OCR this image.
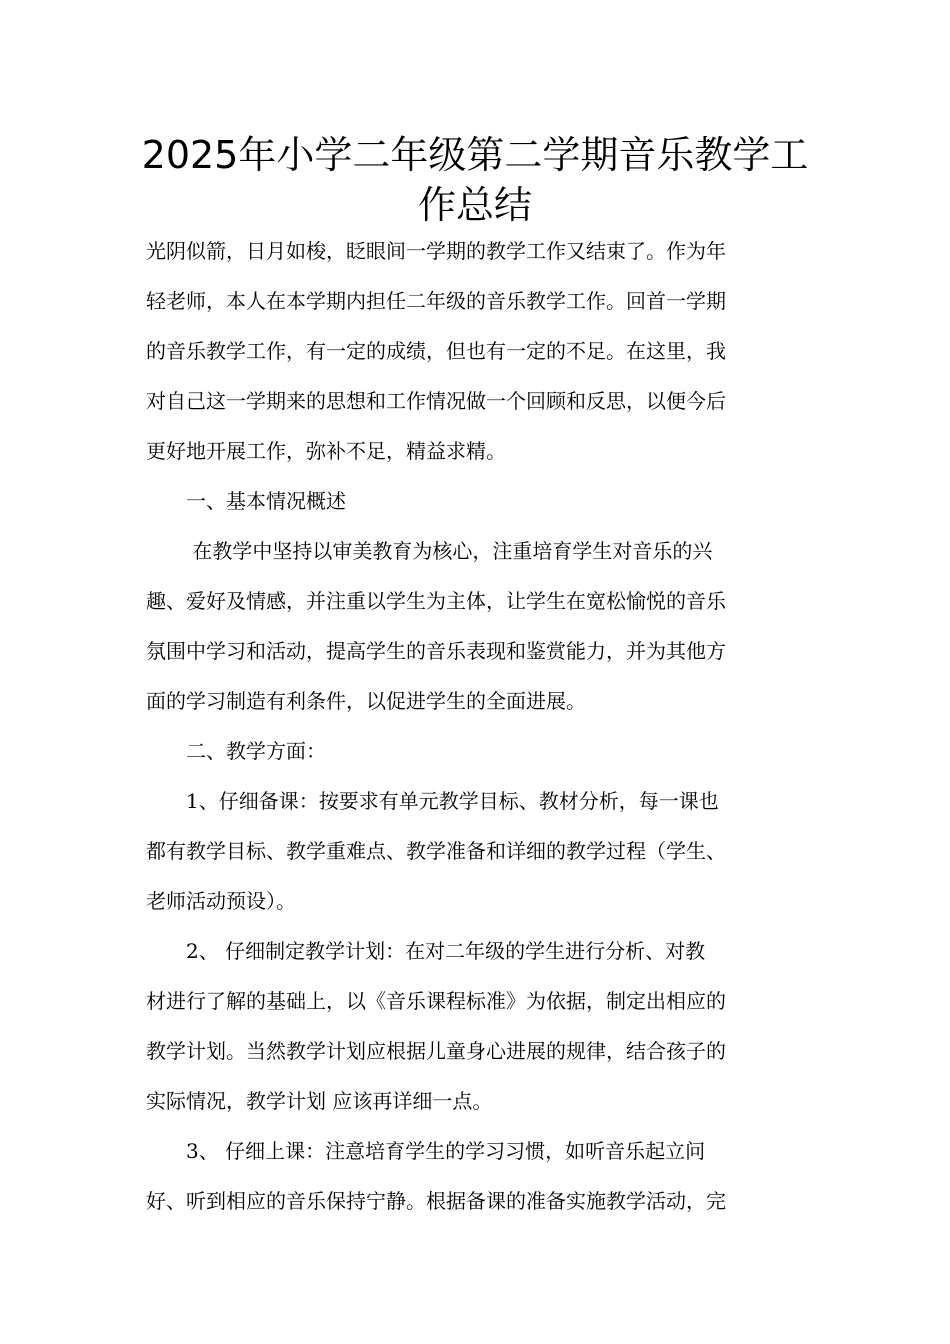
2025年小学二年级第二学期音乐教学工
作总结
光阴似箭，日月如梭，眨眼间一学期的教学工作又结束了。作为年
轻老师，本人在本学期内担任二年级的音乐教学工作。回首一学期
的音乐教学工作，有一定的成绩，但也有一定的不足。在这里，我
对自己这一学期来的思想和工作情况做一个回顾和反思，以便今后
更好地开展工作，弥补不足，精益求精。
　　一、基本情况概述
　　 在教学中坚持以审美教育为核心，注重培育学生对音乐的兴
趣、爱好及情感，并注重以学生为主体，让学生在宽松愉悦的音乐
氛围中学习和活动，提高学生的音乐表现和鉴赏能力，并为其他方
面的学习制造有利条件，以促进学生的全面进展。
　　二、教学方面：
　　1、仔细备课：按要求有单元教学目标、教材分析，每一课也
都有教学目标、教学重难点、教学准备和详细的教学过程（学生、
老师活动预设）。
　　2、 仔细制定教学计划：在对二年级的学生进行分析、对教
材进行了解的基础上，以《音乐课程标准》为依据，制定出相应的
教学计划。当然教学计划应根据儿童身心进展的规律，结合孩子的
实际情况，教学计划 应该再详细一点。
　　3、 仔细上课：注意培育学生的学习习惯，如听音乐起立问
好、听到相应的音乐保持宁静。根据备课的准备实施教学活动，完
